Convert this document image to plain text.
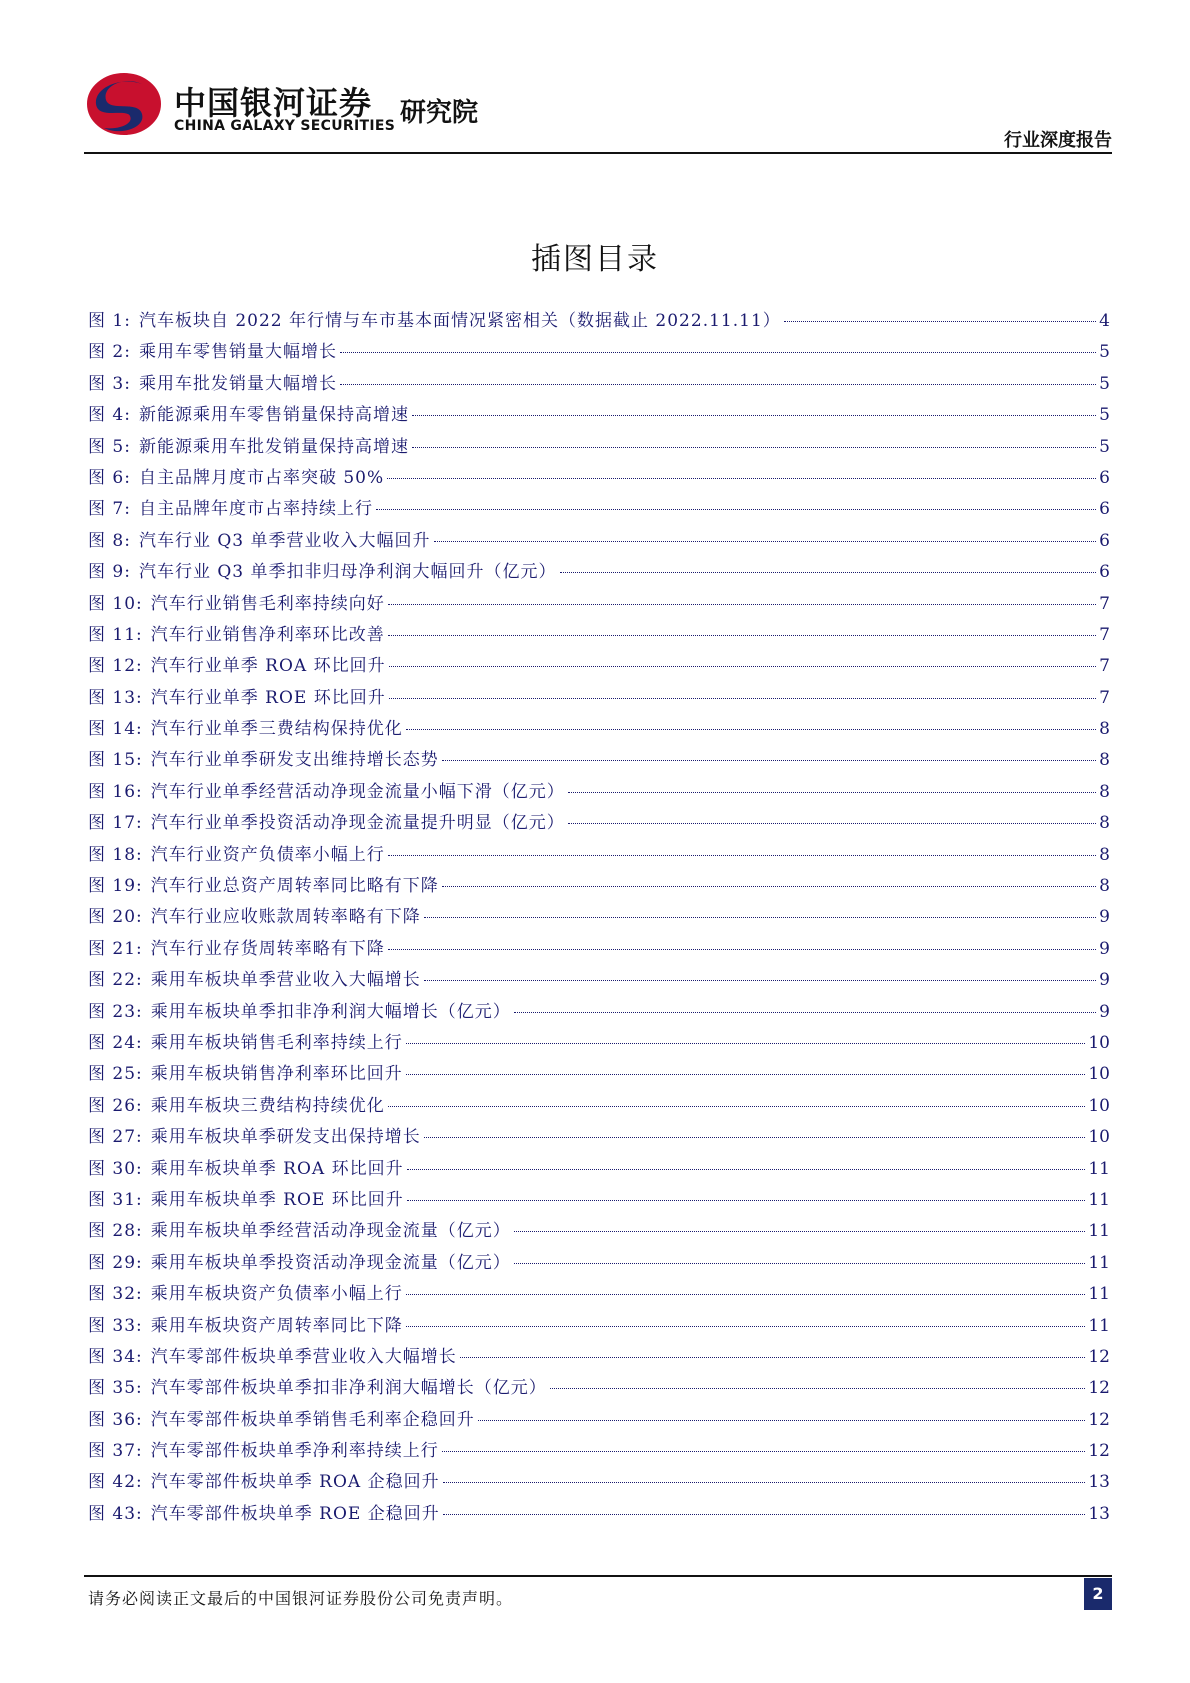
中国银河证券
CHINA GALAXY SECURITIES 研究院
行业深度报告
插图目录
图 1: 汽车板块自 2022 年行情与车市基本面情况紧密相关（数据截止 2022.11.11）	4
图 2: 乘用车零售销量大幅增长	5
图 3: 乘用车批发销量大幅增长	5
图 4: 新能源乘用车零售销量保持高增速	5
图 5: 新能源乘用车批发销量保持高增速	5
图 6: 自主品牌月度市占率突破 50%	6
图 7: 自主品牌年度市占率持续上行	6
图 8: 汽车行业 Q3 单季营业收入大幅回升	6
图 9: 汽车行业 Q3 单季扣非归母净利润大幅回升（亿元）	6
图 10: 汽车行业销售毛利率持续向好	7
图 11: 汽车行业销售净利率环比改善	7
图 12: 汽车行业单季 ROA 环比回升	7
图 13: 汽车行业单季 ROE 环比回升	7
图 14: 汽车行业单季三费结构保持优化	8
图 15: 汽车行业单季研发支出维持增长态势	8
图 16: 汽车行业单季经营活动净现金流量小幅下滑（亿元）	8
图 17: 汽车行业单季投资活动净现金流量提升明显（亿元）	8
图 18: 汽车行业资产负债率小幅上行	8
图 19: 汽车行业总资产周转率同比略有下降	8
图 20: 汽车行业应收账款周转率略有下降	9
图 21: 汽车行业存货周转率略有下降	9
图 22: 乘用车板块单季营业收入大幅增长	9
图 23: 乘用车板块单季扣非净利润大幅增长（亿元）	9
图 24: 乘用车板块销售毛利率持续上行	10
图 25: 乘用车板块销售净利率环比回升	10
图 26: 乘用车板块三费结构持续优化	10
图 27: 乘用车板块单季研发支出保持增长	10
图 30: 乘用车板块单季 ROA 环比回升	11
图 31: 乘用车板块单季 ROE 环比回升	11
图 28: 乘用车板块单季经营活动净现金流量（亿元）	11
图 29: 乘用车板块单季投资活动净现金流量（亿元）	11
图 32: 乘用车板块资产负债率小幅上行	11
图 33: 乘用车板块资产周转率同比下降	11
图 34: 汽车零部件板块单季营业收入大幅增长	12
图 35: 汽车零部件板块单季扣非净利润大幅增长（亿元）	12
图 36: 汽车零部件板块单季销售毛利率企稳回升	12
图 37: 汽车零部件板块单季净利率持续上行	12
图 42: 汽车零部件板块单季 ROA 企稳回升	13
图 43: 汽车零部件板块单季 ROE 企稳回升	13
请务必阅读正文最后的中国银河证券股份公司免责声明。	2
